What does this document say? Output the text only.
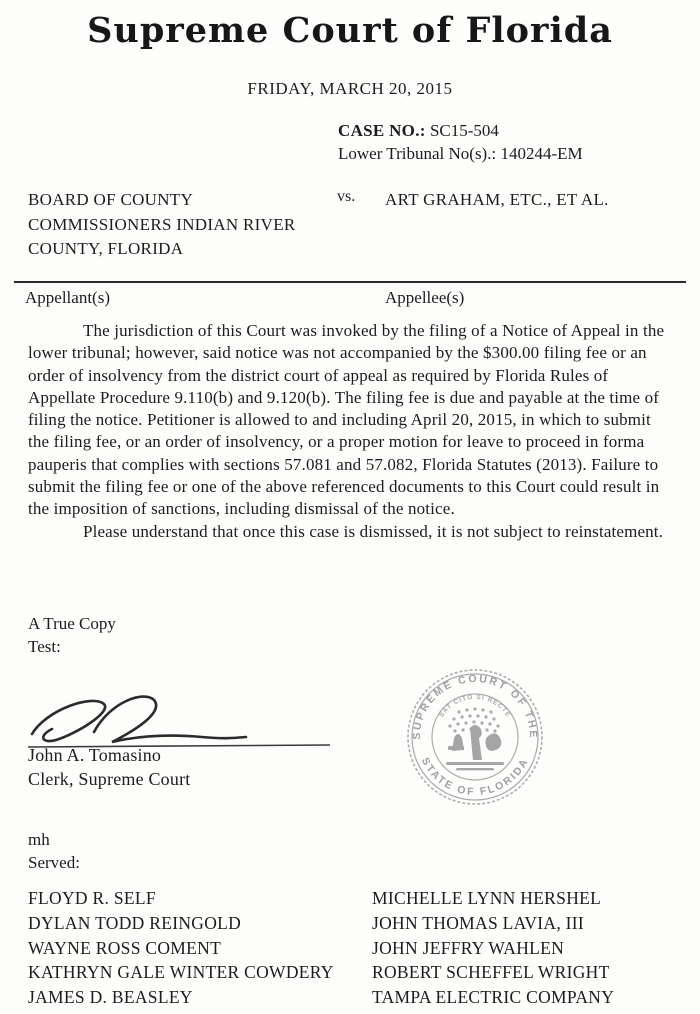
Supreme Court of Florida
FRIDAY, MARCH 20, 2015
CASE NO.: SC15-504
Lower Tribunal No(s).: 140244-EM
BOARD OF COUNTY COMMISSIONERS INDIAN RIVER COUNTY, FLORIDA
vs. ART GRAHAM, ETC., ET AL.
Appellant(s)	Appellee(s)

The jurisdiction of this Court was invoked by the filing of a Notice of Appeal in the lower tribunal; however, said notice was not accompanied by the $300.00 filing fee or an order of insolvency from the district court of appeal as required by Florida Rules of Appellate Procedure 9.110(b) and 9.120(b). The filing fee is due and payable at the time of filing the notice. Petitioner is allowed to and including April 20, 2015, in which to submit the filing fee, or an order of insolvency, or a proper motion for leave to proceed in forma pauperis that complies with sections 57.081 and 57.082, Florida Statutes (2013). Failure to submit the filing fee or one of the above referenced documents to this Court could result in the imposition of sanctions, including dismissal of the notice.

Please understand that once this case is dismissed, it is not subject to reinstatement.

A True Copy
Test:
John A. Tomasino
Clerk, Supreme Court
SUPREME COURT OF THE
STATE OF FLORIDA
SAT CITO SI RECTE
mh
Served:
FLOYD R. SELF
DYLAN TODD REINGOLD
WAYNE ROSS COMENT
KATHRYN GALE WINTER COWDERY
JAMES D. BEASLEY
MICHELLE LYNN HERSHEL
JOHN THOMAS LAVIA, III
JOHN JEFFRY WAHLEN
ROBERT SCHEFFEL WRIGHT
TAMPA ELECTRIC COMPANY
